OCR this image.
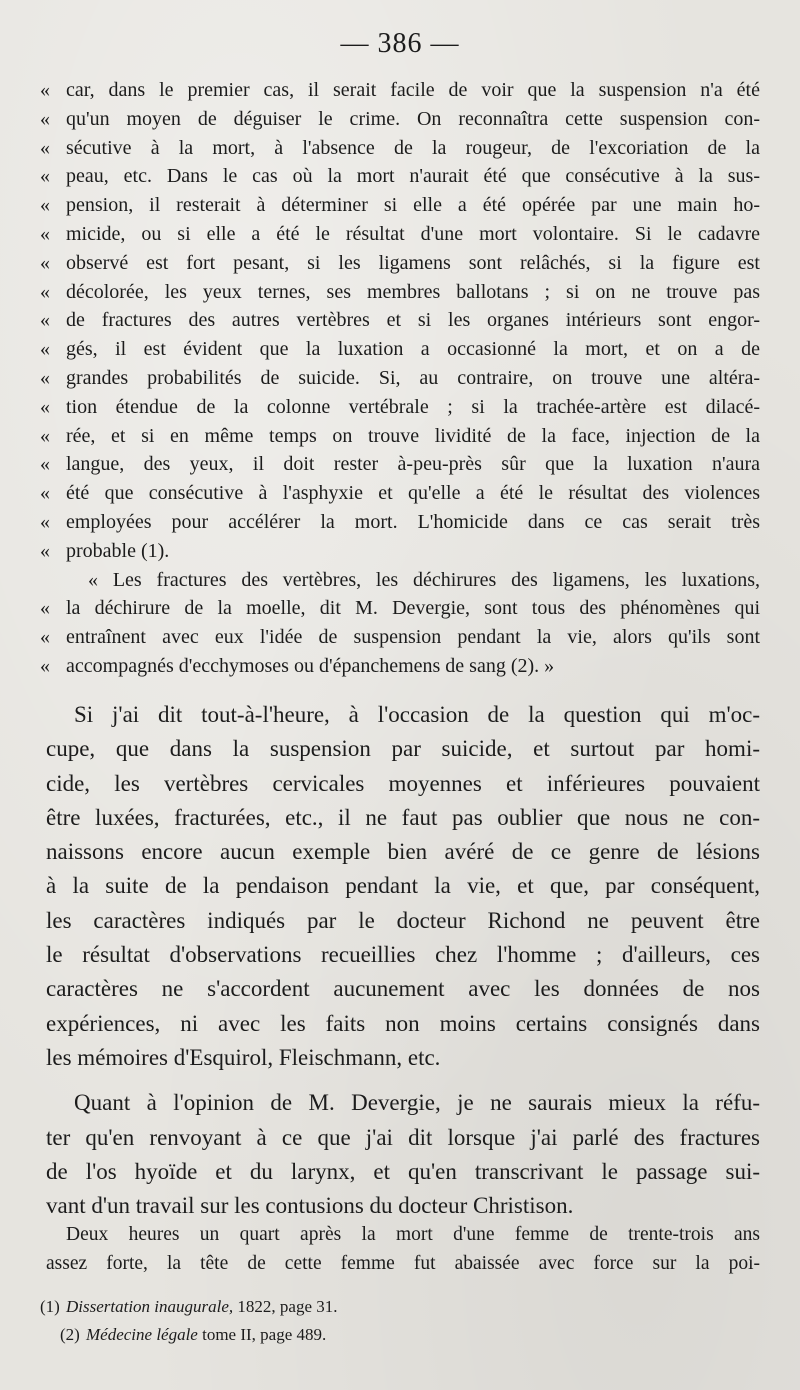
— 386 —
« car, dans le premier cas, il serait facile de voir que la suspension n'a été
« qu'un moyen de déguiser le crime. On reconnaîtra cette suspension con-
« sécutive à la mort, à l'absence de la rougeur, de l'excoriation de la
« peau, etc. Dans le cas où la mort n'aurait été que consécutive à la sus-
« pension, il resterait à déterminer si elle a été opérée par une main ho-
« micide, ou si elle a été le résultat d'une mort volontaire. Si le cadavre
« observé est fort pesant, si les ligamens sont relâchés, si la figure est
« décolorée, les yeux ternes, ses membres ballotans ; si on ne trouve pas
« de fractures des autres vertèbres et si les organes intérieurs sont engor-
« gés, il est évident que la luxation a occasionné la mort, et on a de
« grandes probabilités de suicide. Si, au contraire, on trouve une altéra-
« tion étendue de la colonne vertébrale ; si la trachée-artère est dilacé-
« rée, et si en même temps on trouve lividité de la face, injection de la
« langue, des yeux, il doit rester à-peu-près sûr que la luxation n'aura
« été que consécutive à l'asphyxie et qu'elle a été le résultat des violences
« employées pour accélérer la mort. L'homicide dans ce cas serait très
« probable (1).
« Les fractures des vertèbres, les déchirures des ligamens, les luxations,
« la déchirure de la moelle, dit M. Devergie, sont tous des phénomènes qui
« entraînent avec eux l'idée de suspension pendant la vie, alors qu'ils sont
« accompagnés d'ecchymoses ou d'épanchemens de sang (2). »
Si j'ai dit tout-à-l'heure, à l'occasion de la question qui m'oc-
cupe, que dans la suspension par suicide, et surtout par homi-
cide, les vertèbres cervicales moyennes et inférieures pouvaient
être luxées, fracturées, etc., il ne faut pas oublier que nous ne con-
naissons encore aucun exemple bien avéré de ce genre de lésions
à la suite de la pendaison pendant la vie, et que, par conséquent,
les caractères indiqués par le docteur Richond ne peuvent être
le résultat d'observations recueillies chez l'homme ; d'ailleurs, ces
caractères ne s'accordent aucunement avec les données de nos
expériences, ni avec les faits non moins certains consignés dans
les mémoires d'Esquirol, Fleischmann, etc.
Quant à l'opinion de M. Devergie, je ne saurais mieux la réfu-
ter qu'en renvoyant à ce que j'ai dit lorsque j'ai parlé des fractures
de l'os hyoïde et du larynx, et qu'en transcrivant le passage sui-
vant d'un travail sur les contusions du docteur Christison.
Deux heures un quart après la mort d'une femme de trente-trois ans
assez forte, la tête de cette femme fut abaissée avec force sur la poi-
(1) Dissertation inaugurale, 1822, page 31.
(2) Médecine légale tome II, page 489.
